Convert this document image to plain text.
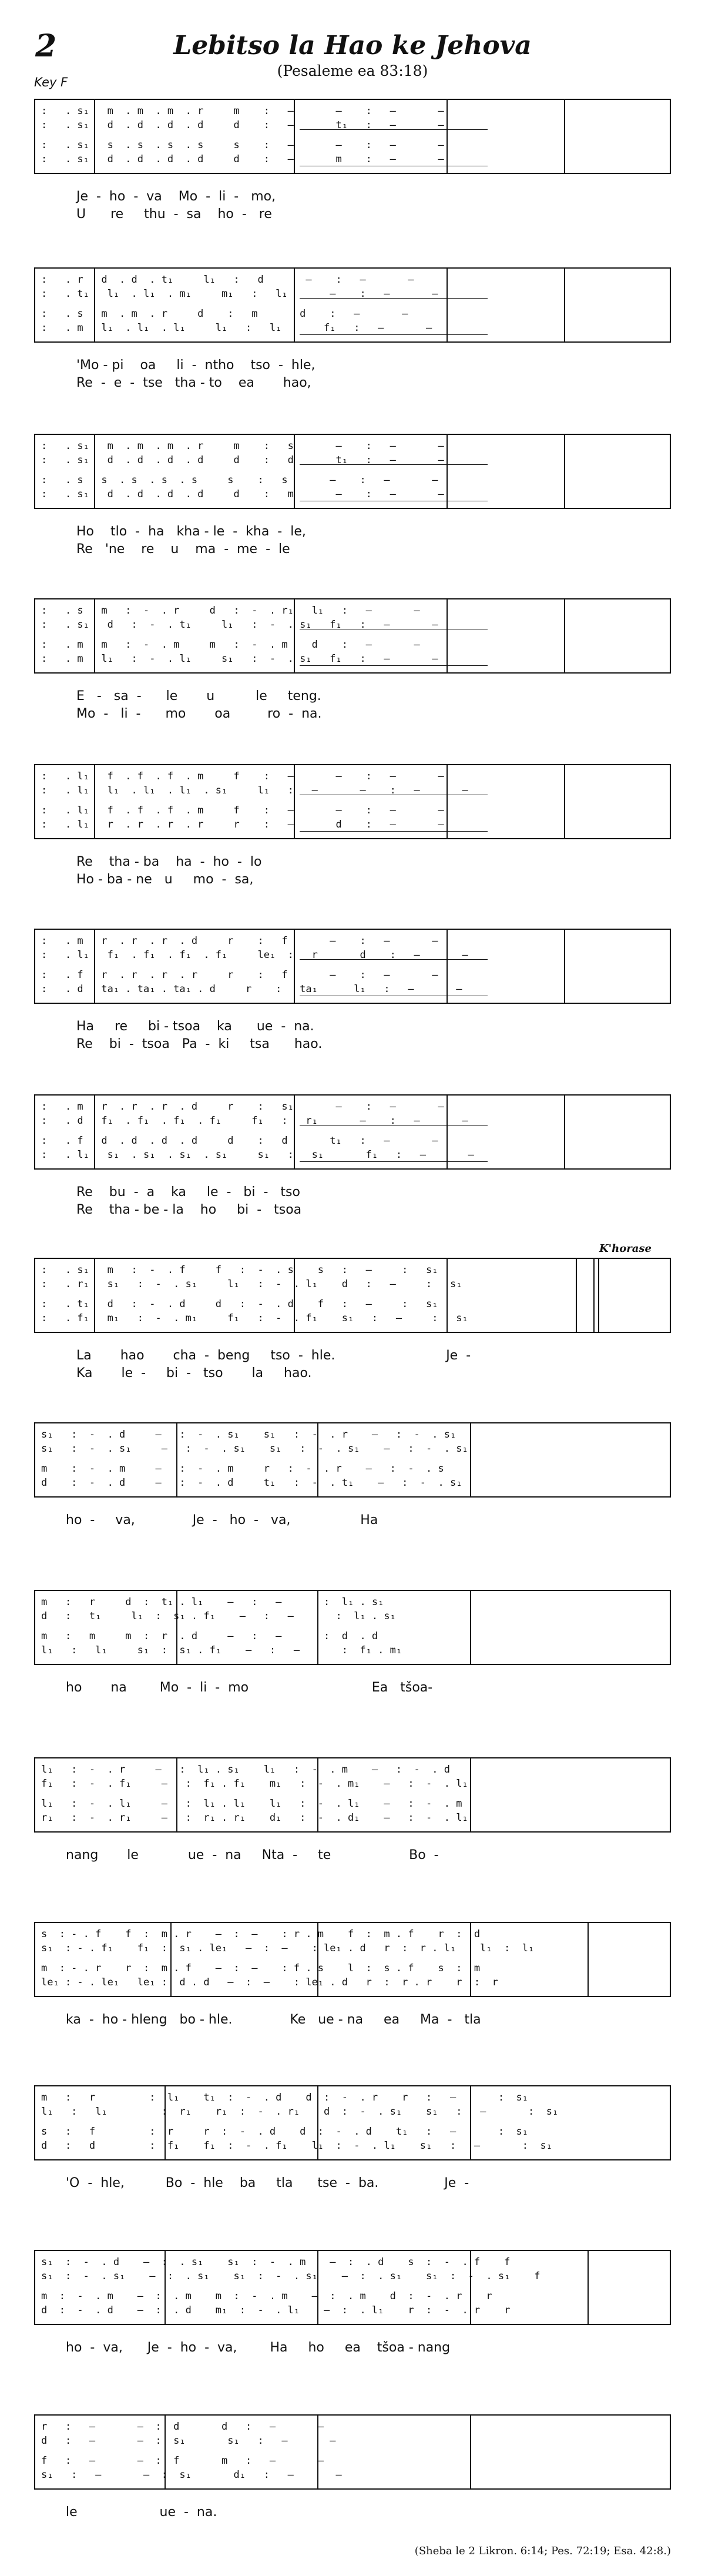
2	Lebitso la Hao ke Jehova
(Pesaleme ea 83:18)
Key F
:   . s₁   m  . m  . m  . r     m    :   —       —    :   —       —
:   . s₁   d  . d  . d  . d     d    :   —       t₁   :   —       —
:   . s₁   s  . s  . s  . s     s    :   —       —    :   —       —
:   . s₁   d  . d  . d  . d     d    :   —       m    :   —       —
Je  -  ho  -  va    Mo  -  li  -   mo,
U      re     thu  -  sa    ho  -   re
:   . r   d  . d  . t₁     l₁   :   d       —    :   —       —
:   . t₁   l₁  . l₁  . m₁     m₁   :   l₁       —    :   —       —
:   . s   m  . m  . r     d    :   m       d    :   —       —
:   . m   l₁  . l₁  . l₁     l₁   :   l₁       f₁   :   —       —
'Mo - pi    oa     li  -  ntho    tso  -  hle,
Re  -  e  -  tse   tha - to    ea       hao,
:   . s₁   m  . m  . m  . r     m    :   s       —    :   —       —
:   . s₁   d  . d  . d  . d     d    :   d       t₁   :   —       —
:   . s   s  . s  . s  . s     s    :   s       —    :   —       —
:   . s₁   d  . d  . d  . d     d    :   m       —    :   —       —
Ho    tlo  -  ha   kha - le  -  kha  -  le,
Re   'ne    re    u    ma  -  me  -  le
:   . s   m   :  -  . r     d   :  -  . r₁   l₁   :   —       —
:   . s₁   d   :  -  . t₁     l₁   :  -  . s₁   f₁   :   —       —
:   . m   m   :  -  . m     m   :  -  . m    d    :   —       —
:   . m   l₁   :  -  . l₁     s₁   :  -  . s₁   f₁   :   —       —
E   -   sa  -      le       u          le     teng.
Mo  -   li  -      mo       oa         ro  -  na.
:   . l₁   f  . f  . f  . m     f    :   —       —    :   —       —
:   . l₁   l₁  . l₁  . l₁  . s₁     l₁   :   —       —    :   —       —
:   . l₁   f  . f  . f  . m     f    :   —       —    :   —       —
:   . l₁   r  . r  . r  . r     r    :   —       d    :   —       —
Re    tha - ba    ha  -  ho  -  lo
Ho - ba - ne   u     mo  -  sa,
:   . m   r  . r  . r  . d     r    :   f       —    :   —       —
:   . l₁   f₁  . f₁  . f₁  . f₁     le₁  :   r       d    :   —       —
:   . f   r  . r  . r  . r     r    :   f       —    :   —       —
:   . d   ta₁ . ta₁ . ta₁ . d     r    :   ta₁      l₁   :   —       —
Ha     re     bi - tsoa    ka      ue  -  na.
Re    bi  -  tsoa   Pa  -  ki     tsa      hao.
:   . m   r  . r  . r  . d     r    :   s₁       —    :   —       —
:   . d   f₁  . f₁  . f₁  . f₁     f₁   :   r₁       —    :   —       —
:   . f   d  . d  . d  . d     d    :   d       t₁   :   —       —
:   . l₁   s₁  . s₁  . s₁  . s₁     s₁   :   s₁       f₁   :   —       —
Re    bu  -  a    ka     le  -   bi  -   tso
Re    tha - be - la    ho     bi  -   tsoa
K'horase
:   . s₁   m   :  -  . f     f   :  -  . s    s   :   —     :   s₁
:   . r₁   s₁   :  -  . s₁     l₁   :  -  . l₁    d   :   —     :   s₁
:   . t₁   d   :  -  . d     d   :  -  . d    f   :   —     :   s₁
:   . f₁   m₁   :  -  . m₁     f₁   :  -  . f₁    s₁   :   —     :   s₁
La       hao       cha  -  beng     tso  -  hle.                           Je  -
Ka       le  -     bi  -   tso       la     hao.
s₁   :  -  . d     —   :  -  . s₁    s₁   :  -  . r    —   :  -  . s₁
s₁   :  -  . s₁     —   :  -  . s₁    s₁   :  -  . s₁    —   :  -  . s₁
m    :  -  . m     —   :  -  . m     r   :  -  . r    —   :  -  . s
d    :  -  . d     —   :  -  . d     t₁   :  -  . t₁    —   :  -  . s₁
ho  -     va,              Je  -   ho  -   va,                 Ha
m   :   r     d  :  t₁ . l₁    —   :   —       :  l₁ . s₁
d   :   t₁     l₁  :  s₁ . f₁    —   :   —       :  l₁ . s₁
m   :   m     m  :  r  . d     —   :   —       :  d  . d
l₁   :   l₁     s₁  :  s₁ . f₁    —   :   —       :  f₁ . m₁
ho       na        Mo  -  li  -  mo                              Ea   tšoa-
l₁   :  -  . r     —   :  l₁ . s₁    l₁   :  -  . m    —   :  -  . d
f₁   :  -  . f₁     —   :  f₁ . f₁    m₁   :  -  . m₁    —   :  -  . l₁
l₁   :  -  . l₁     —   :  l₁ . l₁    l₁   :  -  . l₁    —   :  -  . m
r₁   :  -  . r₁     —   :  r₁ . r₁    d₁   :  -  . d₁    —   :  -  . l₁
nang       le            ue  -  na     Nta  -     te                   Bo  -
s  : - . f    f  :  m . r    —  :  —    : r . m    f  :  m . f    r  :  d
s₁  : - . f₁    f₁  :  s₁ . le₁   —  :  —    : le₁ . d   r  :  r . l₁    l₁  :  l₁
m  : - . r    r  :  m . f    —  :  —    : f . s    l  :  s . f    s  :  m
le₁ : - . le₁   le₁ :  d . d   —  :  —    : le₁ . d   r  :  r . r    r  :  r
ka  -  ho - hleng   bo - hle.              Ke   ue - na     ea     Ma  -   tla
m   :   r         :  l₁    t₁  :  -  . d    d  :  -  . r    r   :   —       :  s₁
l₁   :   l₁         :  r₁    r₁  :  -  . r₁    d  :  -  . s₁    s₁   :   —       :  s₁
s   :   f         :  r     r  :  -  . d    d  :  -  . d    t₁   :   —       :  s₁
d   :   d         :  f₁    f₁  :  -  . f₁    l₁  :  -  . l₁    s₁   :   —       :  s₁
'O  -  hle,          Bo  -  hle    ba     tla      tse  -  ba.                Je  -
s₁  :  -  . d    —  :  . s₁    s₁  :  -  . m    —  :  . d    s  :  -  . f    f
s₁  :  -  . s₁    —  :  . s₁    s₁  :  -  . s₁    —  :  . s₁    s₁  :  -  . s₁    f
m  :  -  . m    —  :  . m    m  :  -  . m    —  :  . m    d  :  -  . r    r
d  :  -  . d    —  :  . d    m₁  :  -  . l₁    —  :  . l₁    r  :  -  . r    r
ho  -  va,      Je  -  ho  -  va,        Ha     ho     ea    tšoa - nang
r   :   —       —  :  d       d   :   —       —
d   :   —       —  :  s₁       s₁   :   —       —
f   :   —       —  :  f       m   :   —       —
s₁   :   —       —  :  s₁       d₁   :   —       —
le                    ue  -  na.
(Sheba le 2 Likron. 6:14; Pes. 72:19; Esa. 42:8.)
